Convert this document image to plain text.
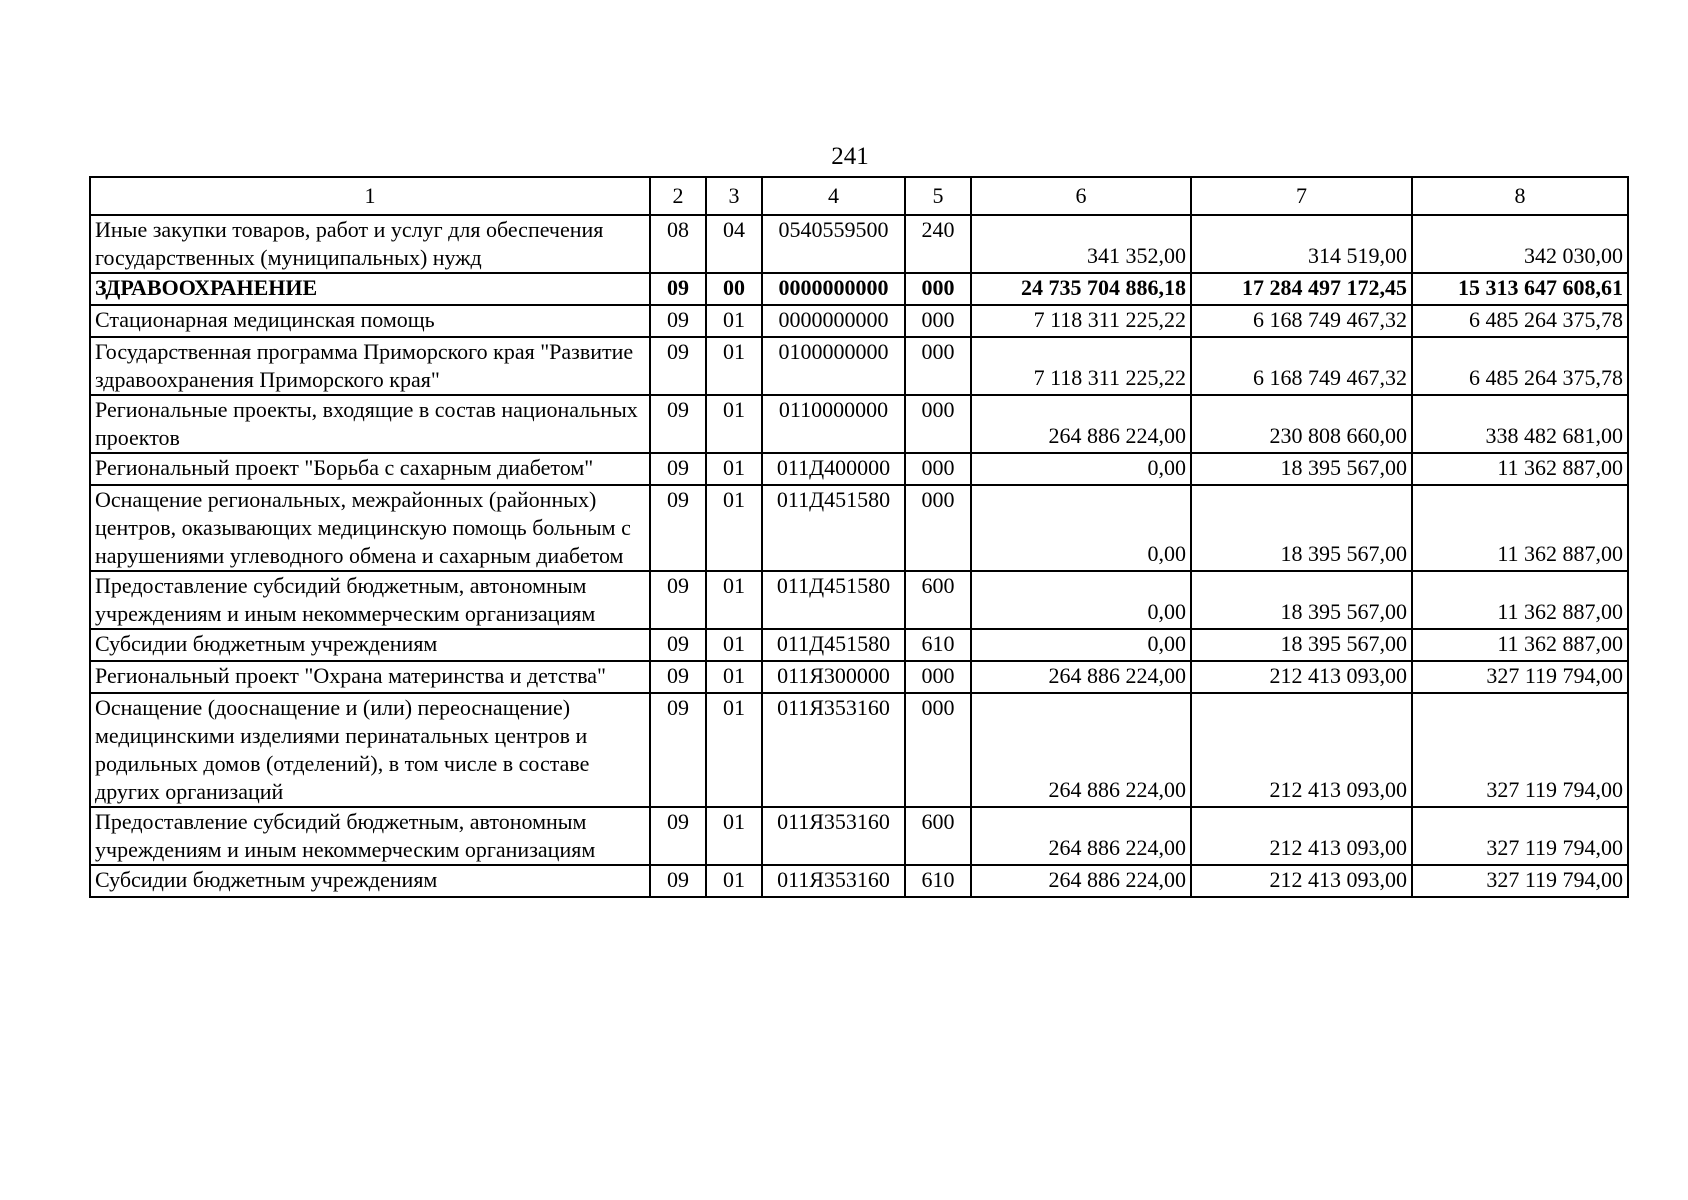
241
1	2	3	4	5	6	7	8
Иные закупки товаров, работ и услуг для обеспечения государственных (муниципальных) нужд	08	04	0540559500	240	341 352,00	314 519,00	342 030,00
ЗДРАВООХРАНЕНИЕ	09	00	0000000000	000	24 735 704 886,18	17 284 497 172,45	15 313 647 608,61
Стационарная медицинская помощь	09	01	0000000000	000	7 118 311 225,22	6 168 749 467,32	6 485 264 375,78
Государственная программа Приморского края "Развитие здравоохранения Приморского края"	09	01	0100000000	000	7 118 311 225,22	6 168 749 467,32	6 485 264 375,78
Региональные проекты, входящие в состав национальных проектов	09	01	0110000000	000	264 886 224,00	230 808 660,00	338 482 681,00
Региональный проект "Борьба с сахарным диабетом"	09	01	011Д400000	000	0,00	18 395 567,00	11 362 887,00
Оснащение региональных, межрайонных (районных) центров, оказывающих медицинскую помощь больным с нарушениями углеводного обмена и сахарным диабетом	09	01	011Д451580	000	0,00	18 395 567,00	11 362 887,00
Предоставление субсидий бюджетным, автономным учреждениям и иным некоммерческим организациям	09	01	011Д451580	600	0,00	18 395 567,00	11 362 887,00
Субсидии бюджетным учреждениям	09	01	011Д451580	610	0,00	18 395 567,00	11 362 887,00
Региональный проект "Охрана материнства и детства"	09	01	011Я300000	000	264 886 224,00	212 413 093,00	327 119 794,00
Оснащение (дооснащение и (или) переоснащение) медицинскими изделиями перинатальных центров и родильных домов (отделений), в том числе в составе других организаций	09	01	011Я353160	000	264 886 224,00	212 413 093,00	327 119 794,00
Предоставление субсидий бюджетным, автономным учреждениям и иным некоммерческим организациям	09	01	011Я353160	600	264 886 224,00	212 413 093,00	327 119 794,00
Субсидии бюджетным учреждениям	09	01	011Я353160	610	264 886 224,00	212 413 093,00	327 119 794,00
